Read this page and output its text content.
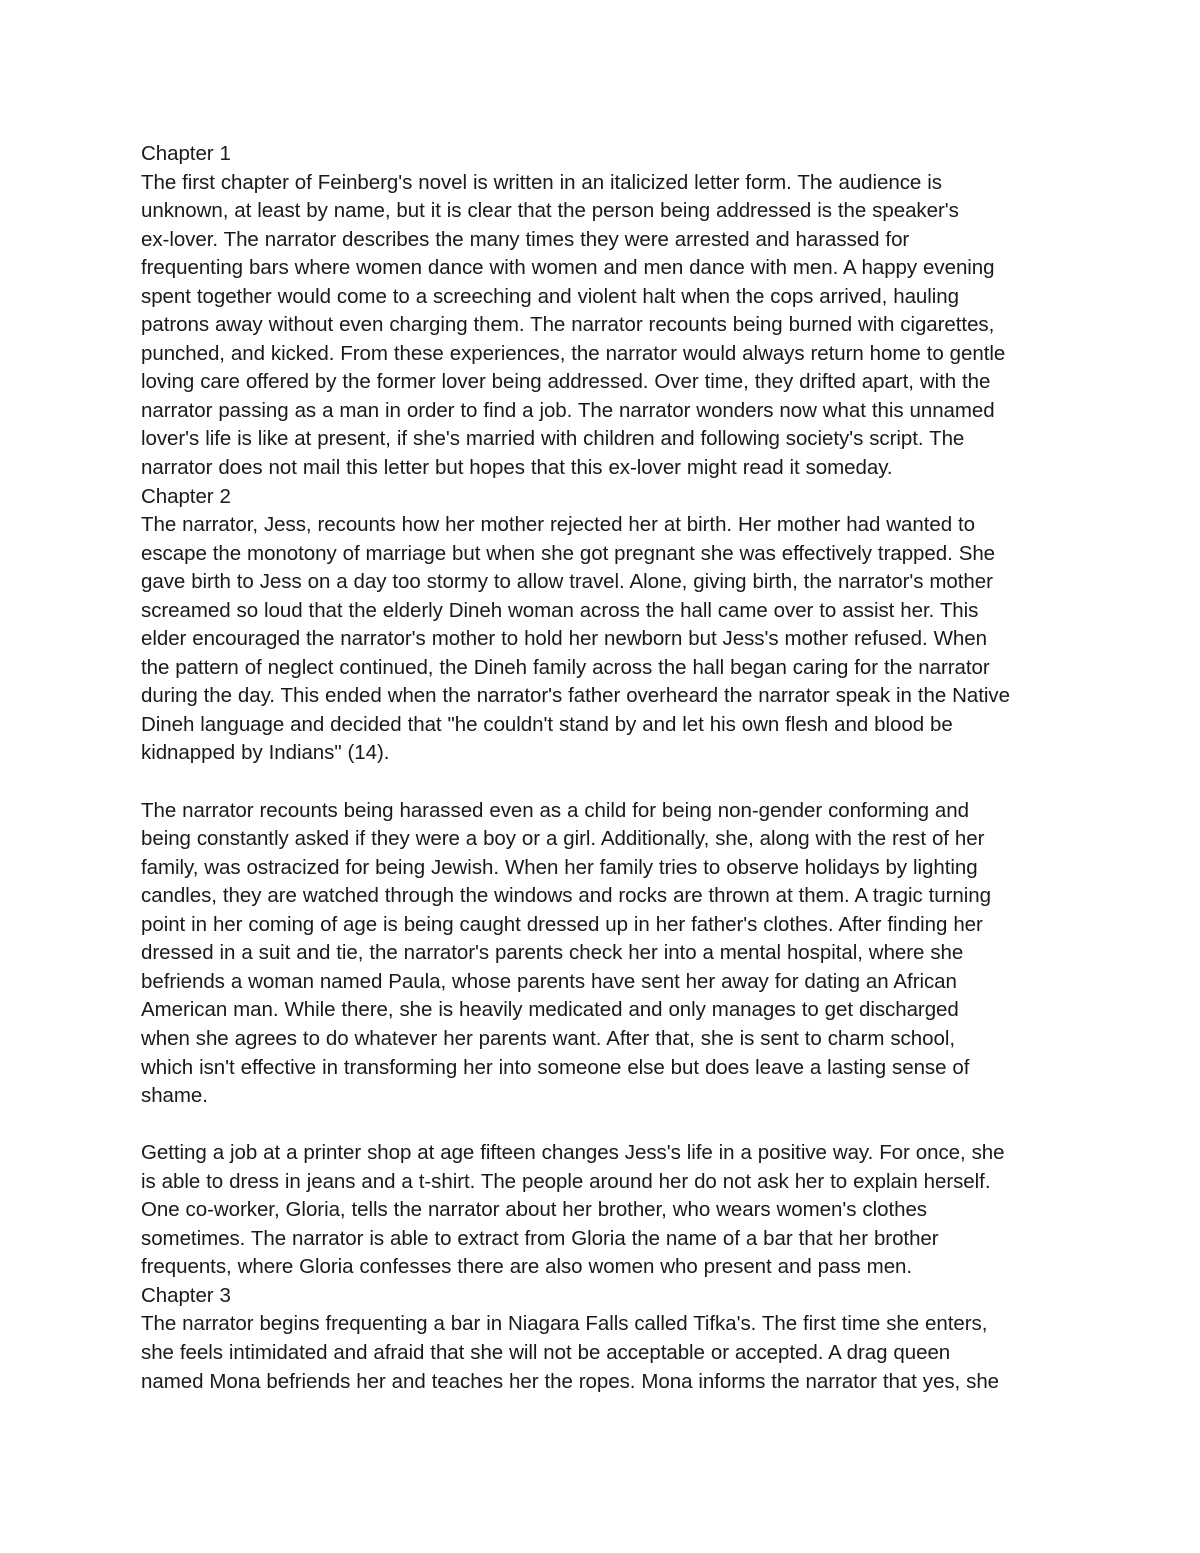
Chapter 1
The first chapter of Feinberg's novel is written in an italicized letter form. The audience is
unknown, at least by name, but it is clear that the person being addressed is the speaker's
ex-lover. The narrator describes the many times they were arrested and harassed for
frequenting bars where women dance with women and men dance with men. A happy evening
spent together would come to a screeching and violent halt when the cops arrived, hauling
patrons away without even charging them. The narrator recounts being burned with cigarettes,
punched, and kicked. From these experiences, the narrator would always return home to gentle
loving care offered by the former lover being addressed. Over time, they drifted apart, with the
narrator passing as a man in order to find a job. The narrator wonders now what this unnamed
lover's life is like at present, if she's married with children and following society's script. The
narrator does not mail this letter but hopes that this ex-lover might read it someday.
Chapter 2
The narrator, Jess, recounts how her mother rejected her at birth. Her mother had wanted to
escape the monotony of marriage but when she got pregnant she was effectively trapped. She
gave birth to Jess on a day too stormy to allow travel. Alone, giving birth, the narrator's mother
screamed so loud that the elderly Dineh woman across the hall came over to assist her. This
elder encouraged the narrator's mother to hold her newborn but Jess's mother refused. When
the pattern of neglect continued, the Dineh family across the hall began caring for the narrator
during the day. This ended when the narrator's father overheard the narrator speak in the Native
Dineh language and decided that "he couldn't stand by and let his own flesh and blood be
kidnapped by Indians" (14).
The narrator recounts being harassed even as a child for being non-gender conforming and
being constantly asked if they were a boy or a girl. Additionally, she, along with the rest of her
family, was ostracized for being Jewish. When her family tries to observe holidays by lighting
candles, they are watched through the windows and rocks are thrown at them. A tragic turning
point in her coming of age is being caught dressed up in her father's clothes. After finding her
dressed in a suit and tie, the narrator's parents check her into a mental hospital, where she
befriends a woman named Paula, whose parents have sent her away for dating an African
American man. While there, she is heavily medicated and only manages to get discharged
when she agrees to do whatever her parents want. After that, she is sent to charm school,
which isn't effective in transforming her into someone else but does leave a lasting sense of
shame.
Getting a job at a printer shop at age fifteen changes Jess's life in a positive way. For once, she
is able to dress in jeans and a t-shirt. The people around her do not ask her to explain herself.
One co-worker, Gloria, tells the narrator about her brother, who wears women's clothes
sometimes. The narrator is able to extract from Gloria the name of a bar that her brother
frequents, where Gloria confesses there are also women who present and pass men.
Chapter 3
The narrator begins frequenting a bar in Niagara Falls called Tifka's. The first time she enters,
she feels intimidated and afraid that she will not be acceptable or accepted. A drag queen
named Mona befriends her and teaches her the ropes. Mona informs the narrator that yes, she
